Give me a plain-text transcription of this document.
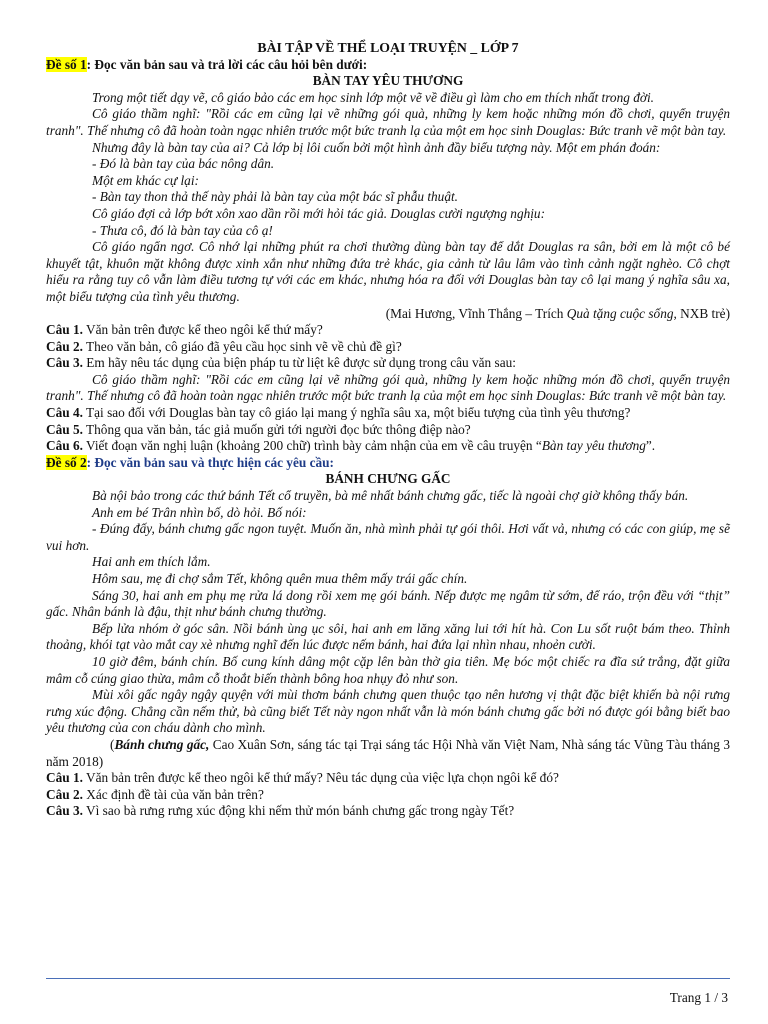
BÀI TẬP VỀ THỂ LOẠI TRUYỆN _ LỚP 7

Đề số 1: Đọc văn bản sau và trả lời các câu hỏi bên dưới:

BÀN TAY YÊU THƯƠNG

Trong một tiết dạy vẽ, cô giáo bảo các em học sinh lớp một vẽ về điều gì làm cho em thích nhất trong đời.

Cô giáo thầm nghĩ: "Rồi các em cũng lại vẽ những gói quà, những ly kem hoặc những món đồ chơi, quyển truyện tranh". Thế nhưng cô đã hoàn toàn ngạc nhiên trước một bức tranh lạ của một em học sinh Douglas: Bức tranh vẽ một bàn tay.

Nhưng đây là bàn tay của ai? Cả lớp bị lôi cuốn bởi một hình ảnh đầy biểu tượng này. Một em phán đoán:

- Đó là bàn tay của bác nông dân.

Một em khác cự lại:

- Bàn tay thon thả thế này phải là bàn tay của một bác sĩ phẫu thuật.

Cô giáo đợi cả lớp bớt xôn xao dần rồi mới hỏi tác giả. Douglas cười ngượng nghịu:

- Thưa cô, đó là bàn tay của cô ạ!

Cô giáo ngẩn ngơ. Cô nhớ lại những phút ra chơi thường dùng bàn tay để dắt Douglas ra sân, bởi em là một cô bé khuyết tật, khuôn mặt không được xinh xắn như những đứa trẻ khác, gia cảnh từ lâu lâm vào tình cảnh ngặt nghèo. Cô chợt hiểu ra rằng tuy cô vẫn làm điều tương tự với các em khác, nhưng hóa ra đối với Douglas bàn tay cô lại mang ý nghĩa sâu xa, một biểu tượng của tình yêu thương.

(Mai Hương, Vĩnh Thắng – Trích Quà tặng cuộc sống, NXB trẻ)

Câu 1. Văn bản trên được kể theo ngôi kể thứ mấy?

Câu 2. Theo văn bản, cô giáo đã yêu cầu học sinh vẽ về chủ đề gì?

Câu 3. Em hãy nêu tác dụng của biện pháp tu từ liệt kê được sử dụng trong câu văn sau:

Cô giáo thầm nghĩ: "Rồi các em cũng lại vẽ những gói quà, những ly kem hoặc những món đồ chơi, quyển truyện tranh". Thế nhưng cô đã hoàn toàn ngạc nhiên trước một bức tranh lạ của một em học sinh Douglas: Bức tranh vẽ một bàn tay.

Câu 4. Tại sao đối với Douglas bàn tay cô giáo lại mang ý nghĩa sâu xa, một biểu tượng của tình yêu thương?

Câu 5. Thông qua văn bản, tác giả muốn gửi tới người đọc bức thông điệp nào?

Câu 6. Viết đoạn văn nghị luận (khoảng 200 chữ) trình bày cảm nhận của em về câu truyện “Bàn tay yêu thương”.

Đề số 2: Đọc văn bản sau và thực hiện các yêu cầu:

BÁNH CHƯNG GẤC

Bà nội bảo trong các thứ bánh Tết cổ truyền, bà mê nhất bánh chưng gấc, tiếc là ngoài chợ giờ không thấy bán.

Anh em bé Trân nhìn bố, dò hỏi. Bố nói:

- Đúng đấy, bánh chưng gấc ngon tuyệt. Muốn ăn, nhà mình phải tự gói thôi. Hơi vất vả, nhưng có các con giúp, mẹ sẽ vui hơn.

Hai anh em thích lắm.

Hôm sau, mẹ đi chợ sắm Tết, không quên mua thêm mấy trái gấc chín.

Sáng 30, hai anh em phụ mẹ rửa lá dong rồi xem mẹ gói bánh. Nếp được mẹ ngâm từ sớm, để ráo, trộn đều với “thịt” gấc. Nhân bánh là đậu, thịt như bánh chưng thường.

Bếp lửa nhóm ở góc sân. Nồi bánh ùng ục sôi, hai anh em lăng xăng lui tới hít hà. Con Lu sốt ruột bám theo. Thỉnh thoảng, khói tạt vào mắt cay xè nhưng nghĩ đến lúc được nếm bánh, hai đứa lại nhìn nhau, nhoẻn cười.

10 giờ đêm, bánh chín. Bố cung kính dâng một cặp lên bàn thờ gia tiên. Mẹ bóc một chiếc ra đĩa sứ trắng, đặt giữa mâm cỗ cúng giao thừa, mâm cỗ thoắt biến thành bông hoa nhụy đỏ như son.

Mùi xôi gấc ngây ngậy quyện với mùi thơm bánh chưng quen thuộc tạo nên hương vị thật đặc biệt khiến bà nội rưng rưng xúc động. Chẳng cần nếm thử, bà cũng biết Tết này ngon nhất vẫn là món bánh chưng gấc bởi nó được gói bằng biết bao yêu thương của con cháu dành cho mình.

(Bánh chưng gấc, Cao Xuân Sơn, sáng tác tại Trại sáng tác Hội Nhà văn Việt Nam, Nhà sáng tác Vũng Tàu tháng 3 năm 2018)

Câu 1. Văn bản trên được kể theo ngôi kể thứ mấy? Nêu tác dụng của việc lựa chọn ngôi kể đó?

Câu 2. Xác định đề tài của văn bản trên?

Câu 3. Vì sao bà rưng rưng xúc động khi nếm thử món bánh chưng gấc trong ngày Tết?

Trang 1 / 3
